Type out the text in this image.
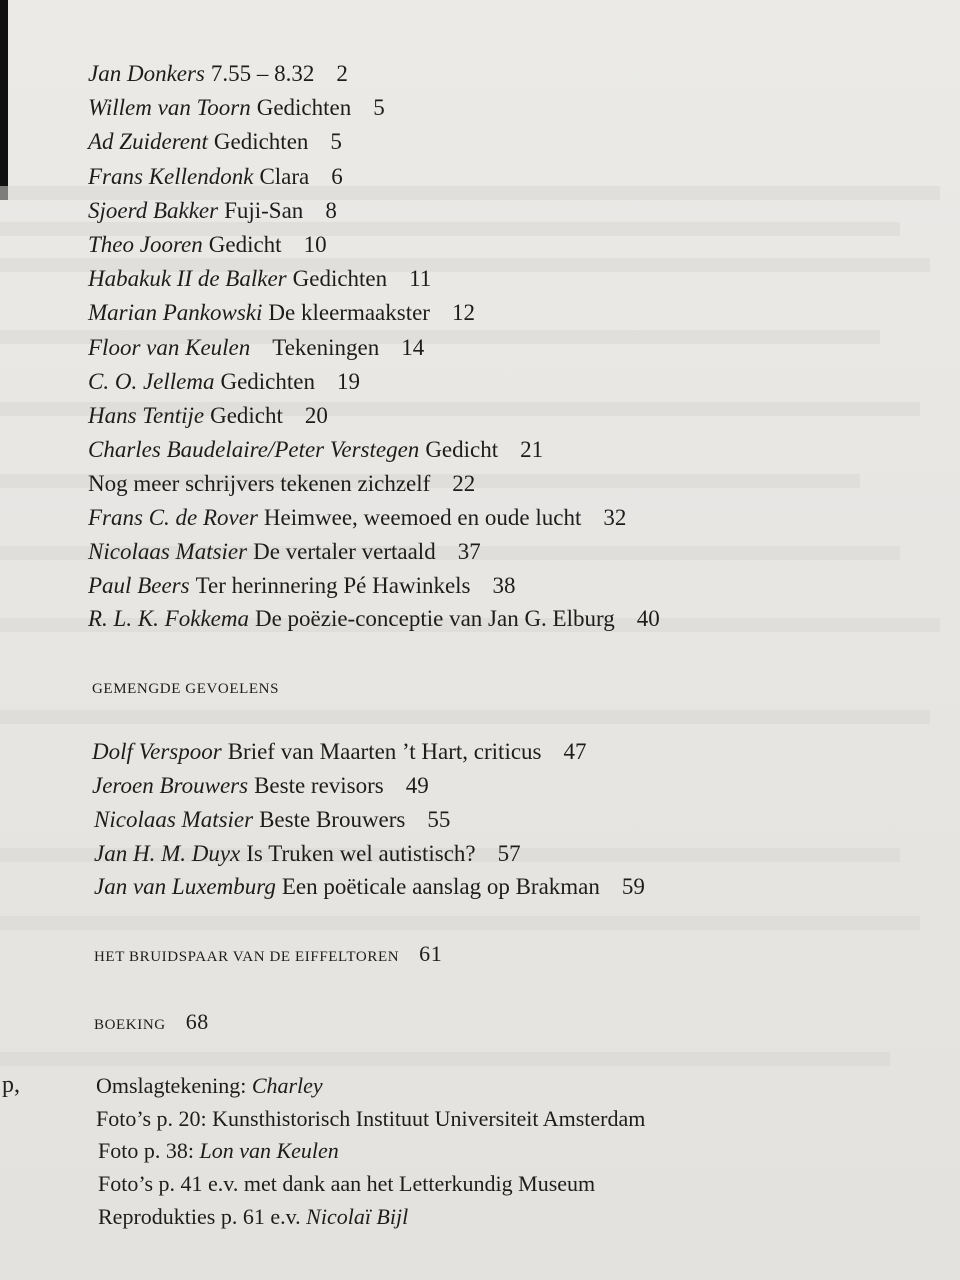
p,
Jan Donkers 7.55 – 8.32 2
Willem van Toorn Gedichten 5
Ad Zuiderent Gedichten 5
Frans Kellendonk Clara 6
Sjoerd Bakker Fuji-San 8
Theo Jooren Gedicht 10
Habakuk II de Balker Gedichten 11
Marian Pankowski De kleermaakster 12
Floor van Keulen Tekeningen 14
C. O. Jellema Gedichten 19
Hans Tentije Gedicht 20
Charles Baudelaire/Peter Verstegen Gedicht 21
Nog meer schrijvers tekenen zichzelf 22
Frans C. de Rover Heimwee, weemoed en oude lucht 32
Nicolaas Matsier De vertaler vertaald 37
Paul Beers Ter herinnering Pé Hawinkels 38
R. L. K. Fokkema De poëzie-conceptie van Jan G. Elburg 40
GEMENGDE GEVOELENS
Dolf Verspoor Brief van Maarten ’t Hart, criticus 47
Jeroen Brouwers Beste revisors 49
Nicolaas Matsier Beste Brouwers 55
Jan H. M. Duyx Is Truken wel autistisch? 57
Jan van Luxemburg Een poëticale aanslag op Brakman 59
HET BRUIDSPAAR VAN DE EIFFELTOREN 61
BOEKING 68
Omslagtekening: Charley
Foto’s p. 20: Kunsthistorisch Instituut Universiteit Amsterdam
Foto p. 38: Lon van Keulen
Foto’s p. 41 e.v. met dank aan het Letterkundig Museum
Reprodukties p. 61 e.v. Nicolaï Bijl
